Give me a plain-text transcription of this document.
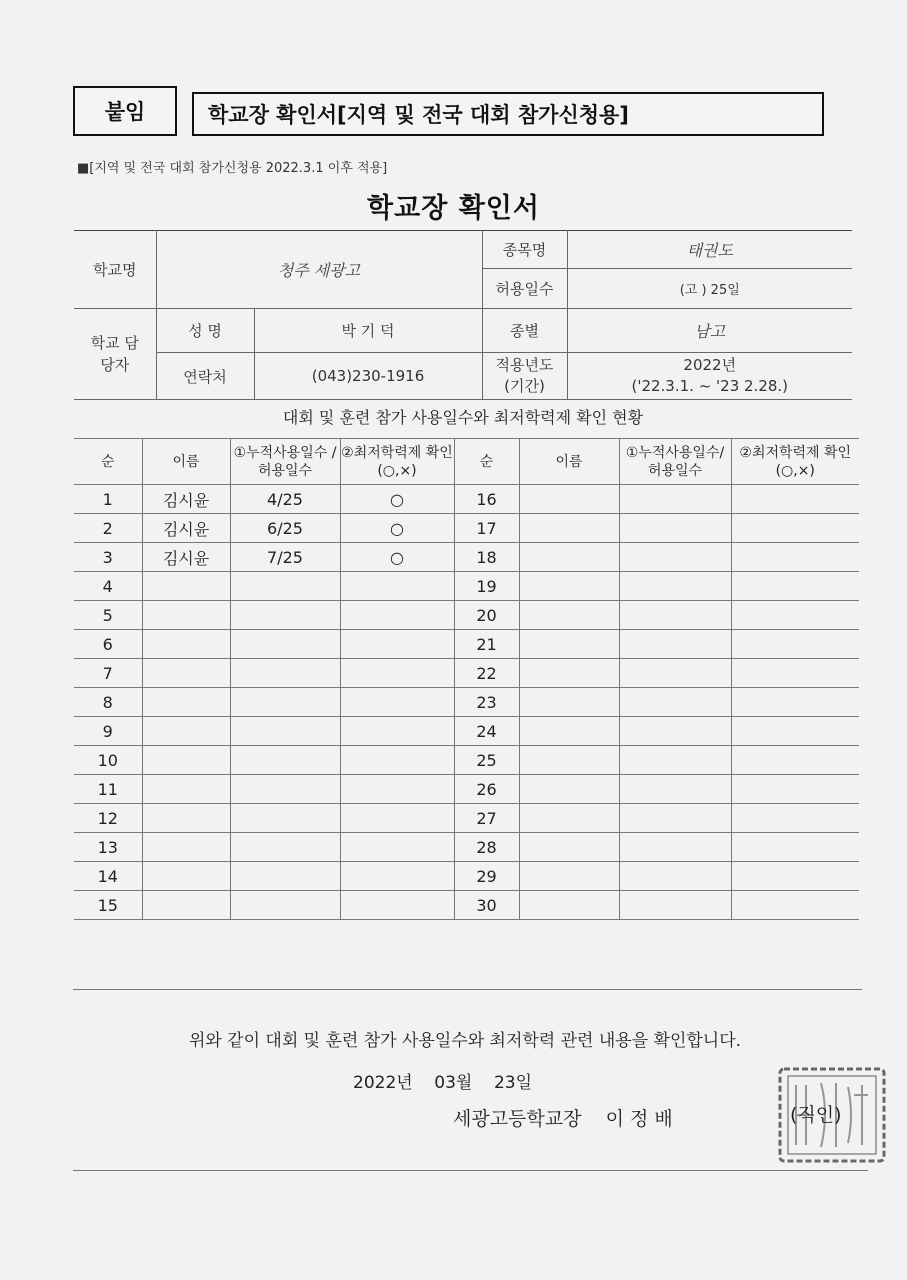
붙임	학교장 확인서[지역 및 전국 대회 참가신청용]
■[지역 및 전국 대회 참가신청용 2022.3.1 이후 적용]
학교장 확인서
학교명	청주 세광고		종목명	태권도
			허용일수	(고 ) 25일
학교 담당자	성 명	박 기 덕	종별	남고
	연락처	(043)230-1916	적용년도 (기간)	2022년
('22.3.1. ~ '23 2.28.)
대회 및 훈련 참가 사용일수와 최저학력제 확인 현황
순	이름	①누적사용일수 /허용일수	②최저학력제 확인(○,×)	순	이름	①누적사용일수/ 허용일수	②최저학력제 확인(○,×)
1	김시윤	4/25	○	16			
2	김시윤	6/25	○	17			
3	김시윤	7/25	○	18			
4				19			
5				20			
6				21			
7				22			
8				23			
9				24			
10				25			
11				26			
12				27			
13				28			
14				29			
15				30			
위와 같이 대회 및 훈련 참가 사용일수와 최저학력 관련 내용을 확인합니다.
2022년    03월    23일
세광고등학교장    이 정 배	(직인)
